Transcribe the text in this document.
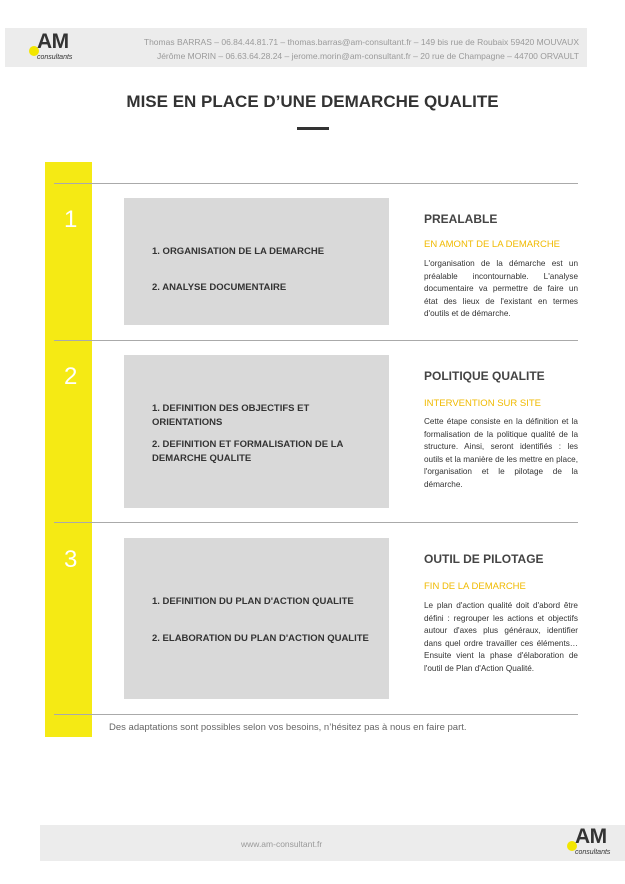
AM
consultants
Thomas BARRAS – 06.84.44.81.71 – thomas.barras@am-consultant.fr – 149 bis rue de Roubaix 59420 MOUVAUX
Jérôme MORIN – 06.63.64.28.24 – jerome.morin@am-consultant.fr – 20 rue de Champagne – 44700 ORVAULT
MISE EN PLACE D’UNE DEMARCHE QUALITE
1
1. ORGANISATION DE LA DEMARCHE
2. ANALYSE DOCUMENTAIRE
PREALABLE
EN AMONT DE LA DEMARCHE
L'organisation de la démarche est un préalable incontournable. L'analyse documentaire va permettre de faire un état des lieux de l'existant en termes d'outils et de démarche.
2
1. DEFINITION DES OBJECTIFS ET ORIENTATIONS
2. DEFINITION ET FORMALISATION DE LA DEMARCHE QUALITE
POLITIQUE QUALITE
INTERVENTION SUR SITE
Cette étape consiste en la définition et la formalisation de la politique qualité de la structure. Ainsi, seront identifiés : les outils et la manière de les mettre en place, l'organisation et le pilotage de la démarche.
3
1. DEFINITION DU PLAN D'ACTION QUALITE
2. ELABORATION DU PLAN D'ACTION QUALITE
OUTIL DE PILOTAGE
FIN DE LA DEMARCHE
Le plan d'action qualité doit d'abord être défini : regrouper les actions et objectifs autour d'axes plus généraux, identifier dans quel ordre travailler ces éléments… Ensuite vient la phase d'élaboration de l'outil de Plan d'Action Qualité.
Des adaptations sont possibles selon vos besoins, n’hésitez pas à nous en faire part.
www.am-consultant.fr	AM
consultants
